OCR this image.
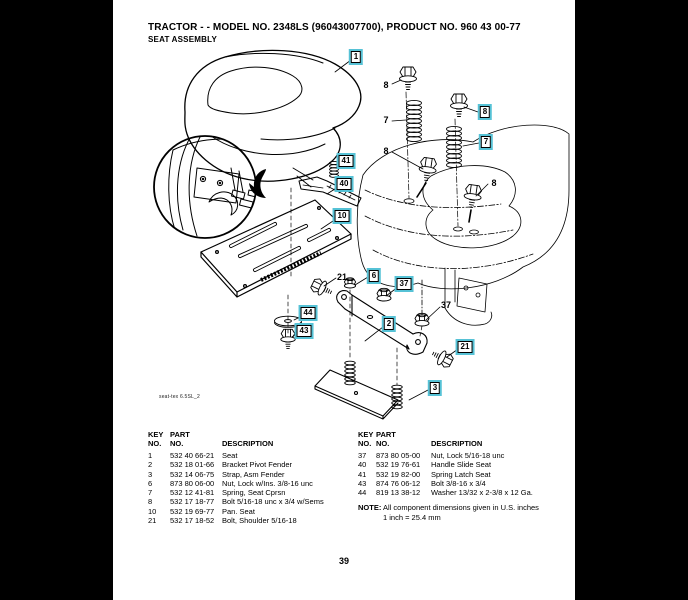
TRACTOR - - MODEL NO. 2348LS (96043007700), PRODUCT NO. 960 43 00-77
SEAT ASSEMBLY
1
8
8
7
7
8
8
41
40
10
21	6
37
37
2
44
43
21
3
seat-tex 6.5SL_2
KEY PART
NO.	NO.	DESCRIPTION
1	532 40 66-21	Seat
2	532 18 01-66	Bracket Pivot Fender
3	532 14 06-75	Strap, Asm Fender
6	873 80 06-00	Nut, Lock w/Ins. 3/8-16 unc
7	532 12 41-81	Spring, Seat Cprsn
8	532 17 18-77	Bolt 5/16-18 unc x 3/4 w/Sems
10	532 19 69-77	Pan. Seat
21	532 17 18-52	Bolt, Shoulder 5/16-18
KEY PART
NO. NO.	DESCRIPTION
37	873 80 05-00	Nut, Lock 5/16-18 unc
40	532 19 76-61	Handle Slide Seat
41	532 19 82-00	Spring Latch Seat
43	874 76 06-12	Bolt 3/8-16 x 3/4
44	819 13 38-12	Washer 13/32 x 2-3/8 x 12 Ga.
NOTE: All component dimensions given in U.S. inches
1 inch = 25.4 mm
39
